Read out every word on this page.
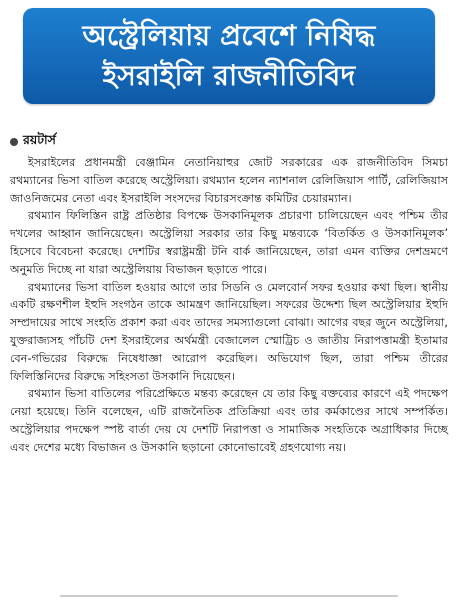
অস্ট্রেলিয়ায় প্রবেশে নিষিদ্ধ
ইসরাইলি রাজনীতিবিদ
রয়টার্স

ইসরাইলের প্রধানমন্ত্রী বেঞ্জামিন নেতানিয়াহুর জোট সরকারের এক রাজনীতিবিদ সিমচা রথম্যানের ভিসা বাতিল করেছে অস্ট্রেলিয়া। রথম্যান হলেন ন্যাশনাল রেলিজিয়াস পার্টি, রেলিজিয়াস জাওনিজমের নেতা এবং ইসরাইলি সংসদের বিচারসংক্রান্ত কমিটির চেয়ারম্যান।

রথম্যান ফিলিস্তিন রাষ্ট্র প্রতিষ্ঠার বিপক্ষে উসকানিমূলক প্রচারণা চালিয়েছেন এবং পশ্চিম তীর দখলের আহ্বান জানিয়েছেন। অস্ট্রেলিয়া সরকার তার কিছু মন্তব্যকে ‘বিতর্কিত ও উসকানিমূলক’ হিসেবে বিবেচনা করেছে। দেশটির স্বরাষ্ট্রমন্ত্রী টনি বার্ক জানিয়েছেন, তারা এমন ব্যক্তির দেশভ্রমণে অনুমতি দিচ্ছে না যারা অস্ট্রেলিয়ায় বিভাজন ছড়াতে পারে।

রথম্যানের ভিসা বাতিল হওয়ার আগে তার সিডনি ও মেলবোর্ন সফর হওয়ার কথা ছিল। স্থানীয় একটি রক্ষণশীল ইহুদি সংগঠন তাকে আমন্ত্রণ জানিয়েছিল। সফরের উদ্দেশ্য ছিল অস্ট্রেলিয়ার ইহুদি সম্প্রদায়ের সাথে সংহতি প্রকাশ করা এবং তাদের সমস্যাগুলো বোঝা। আগের বছর জুনে অস্ট্রেলিয়া, যুক্তরাজ্যসহ পাঁচটি দেশ ইসরাইলের অর্থমন্ত্রী বেজালেল স্মোট্রিচ ও জাতীয় নিরাপত্তামন্ত্রী ইতামার বেন-গভিরের বিরুদ্ধে নিষেধাজ্ঞা আরোপ করেছিল। অভিযোগ ছিল, তারা পশ্চিম তীরের ফিলিস্তিনিদের বিরুদ্ধে সহিংসতা উসকানি দিয়েছেন।

রথম্যান ভিসা বাতিলের পরিপ্রেক্ষিতে মন্তব্য করেছেন যে তার কিছু বক্তব্যের কারণে এই পদক্ষেপ নেয়া হয়েছে। তিনি বলেছেন, এটি রাজনৈতিক প্রতিক্রিয়া এবং তার কর্মকাণ্ডের সাথে সম্পর্কিত। অস্ট্রেলিয়ার পদক্ষেপ স্পষ্ট বার্তা দেয় যে দেশটি নিরাপত্তা ও সামাজিক সংহতিকে অগ্রাধিকার দিচ্ছে এবং দেশের মধ্যে বিভাজন ও উসকানি ছড়ানো কোনোভাবেই গ্রহণযোগ্য নয়।
